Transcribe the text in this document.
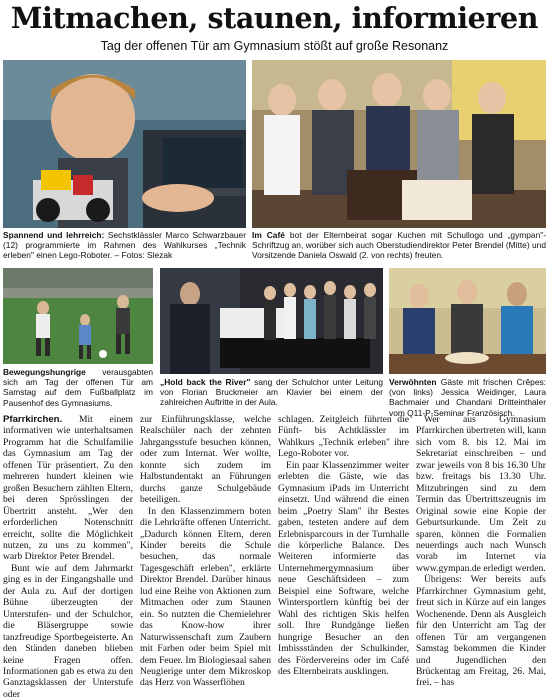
Mitmachen, staunen, informieren
Tag der offenen Tür am Gymnasium stößt auf große Resonanz
Spannend und lehrreich: Sechstklässler Marco Schwarzbauer (12) programmierte im Rahmen des Wahlkurses „Technik erleben" einen Lego-Roboter. – Fotos: Slezak
Im Café bot der Elternbeirat sogar Kuchen mit Schullogo und „gympan"-Schriftzug an, worüber sich auch Oberstudiendirektor Peter Brendel (Mitte) und Vorsitzende Daniela Oswald (2. von rechts) freuten.
Bewegungshungrige verausgabten sich am Tag der offenen Tür am Samstag auf dem Fußballplatz im Pausenhof des Gymnasiums.
„Hold back the River" sang der Schulchor unter Leitung von Florian Bruckmeier am Klavier bei einem der zahlreichen Auftritte in der Aula.
Verwöhnten Gäste mit frischen Crêpes: (von links) Jessica Weidinger, Laura Bachmaier und Chandani Dritteinthaler vom Q11-P-Seminar Französisch.

Pfarrkirchen. Mit einem informativen wie unterhaltsamen Programm hat die Schulfamilie das Gymnasium am Tag der offenen Tür präsentiert. Zu den mehreren hundert kleinen wie großen Besuchern zählten Eltern, bei deren Sprösslingen der Übertritt ansteht. „Wer den erforderlichen Notenschnitt erreicht, sollte die Möglichkeit nutzen, zu uns zu kommen", warb Direktor Peter Brendel.

Bunt wie auf dem Jahrmarkt ging es in der Eingangshalle und der Aula zu. Auf der dortigen Bühne überzeugten der Unterstufen- und der Schulchor, die Bläsergruppe sowie tanzfreudige Sportbegeisterte. An den Ständen daneben blieben keine Fragen offen. Informationen gab es etwa zu den Ganztagsklassen der Unterstufe oder

zur Einführungsklasse, welche Realschüler nach der zehnten Jahrgangsstufe besuchen können, oder zum Internat. Wer wollte, konnte sich zudem im Halbstundentakt an Führungen durchs ganze Schulgebäude beteiligen.

In den Klassenzimmern boten die Lehrkräfte offenen Unterricht. „Dadurch können Eltern, deren Kinder bereits die Schule besuchen, das normale Tagesgeschäft erleben", erklärte Direktor Brendel. Darüber hinaus lud eine Reihe von Aktionen zum Mitmachen oder zum Staunen ein. So nutzten die Chemielehrer das Know-how ihrer Naturwissenschaft zum Zaubern mit Farben oder beim Spiel mit dem Feuer. Im Biologiesaal sahen Neugierige unter dem Mikroskop das Herz von Wasserflöhen

schlagen. Zeitgleich führten die Fünft- bis Achtklässler im Wahlkurs „Technik erleben" ihre Lego-Roboter vor.

Ein paar Klassenzimmer weiter erlebten die Gäste, wie das Gymnasium iPads im Unterricht einsetzt. Und während die einen beim „Poetry Slam" ihr Bestes gaben, testeten andere auf dem Erlebnisparcours in der Turnhalle die körperliche Balance. Des Weiteren informierte das Unternehmergymnasium über neue Geschäftsideen – zum Beispiel eine Software, welche Wintersportlern künftig bei der Wahl des richtigen Skis helfen soll. Ihre Rundgänge ließen hungrige Besucher an den Imbissständen der Schulkinder, des Fördervereins oder im Café des Elternbeirats ausklingen.

Wer aus Gymnasium Pfarrkirchen übertreten will, kann sich vom 8. bis 12. Mai im Sekretariat einschreiben – und zwar jeweils von 8 bis 16.30 Uhr bzw. freitags bis 13.30 Uhr. Mitzubringen sind zu dem Termin das Übertrittszeugnis im Original sowie eine Kopie der Geburtsurkunde. Um Zeit zu sparen, können die Formalien neuerdings auch nach Wunsch vorab im Internet via www.gympan.de erledigt werden.

Übrigens: Wer bereits aufs Pfarrkirchner Gymnasium geht, freut sich in Kürze auf ein langes Wochenende. Denn als Ausgleich für den Unterricht am Tag der offenen Tür am vergangenen Samstag bekommen die Kinder und Jugendlichen den Brückentag am Freitag, 26. Mai, frei. – has
